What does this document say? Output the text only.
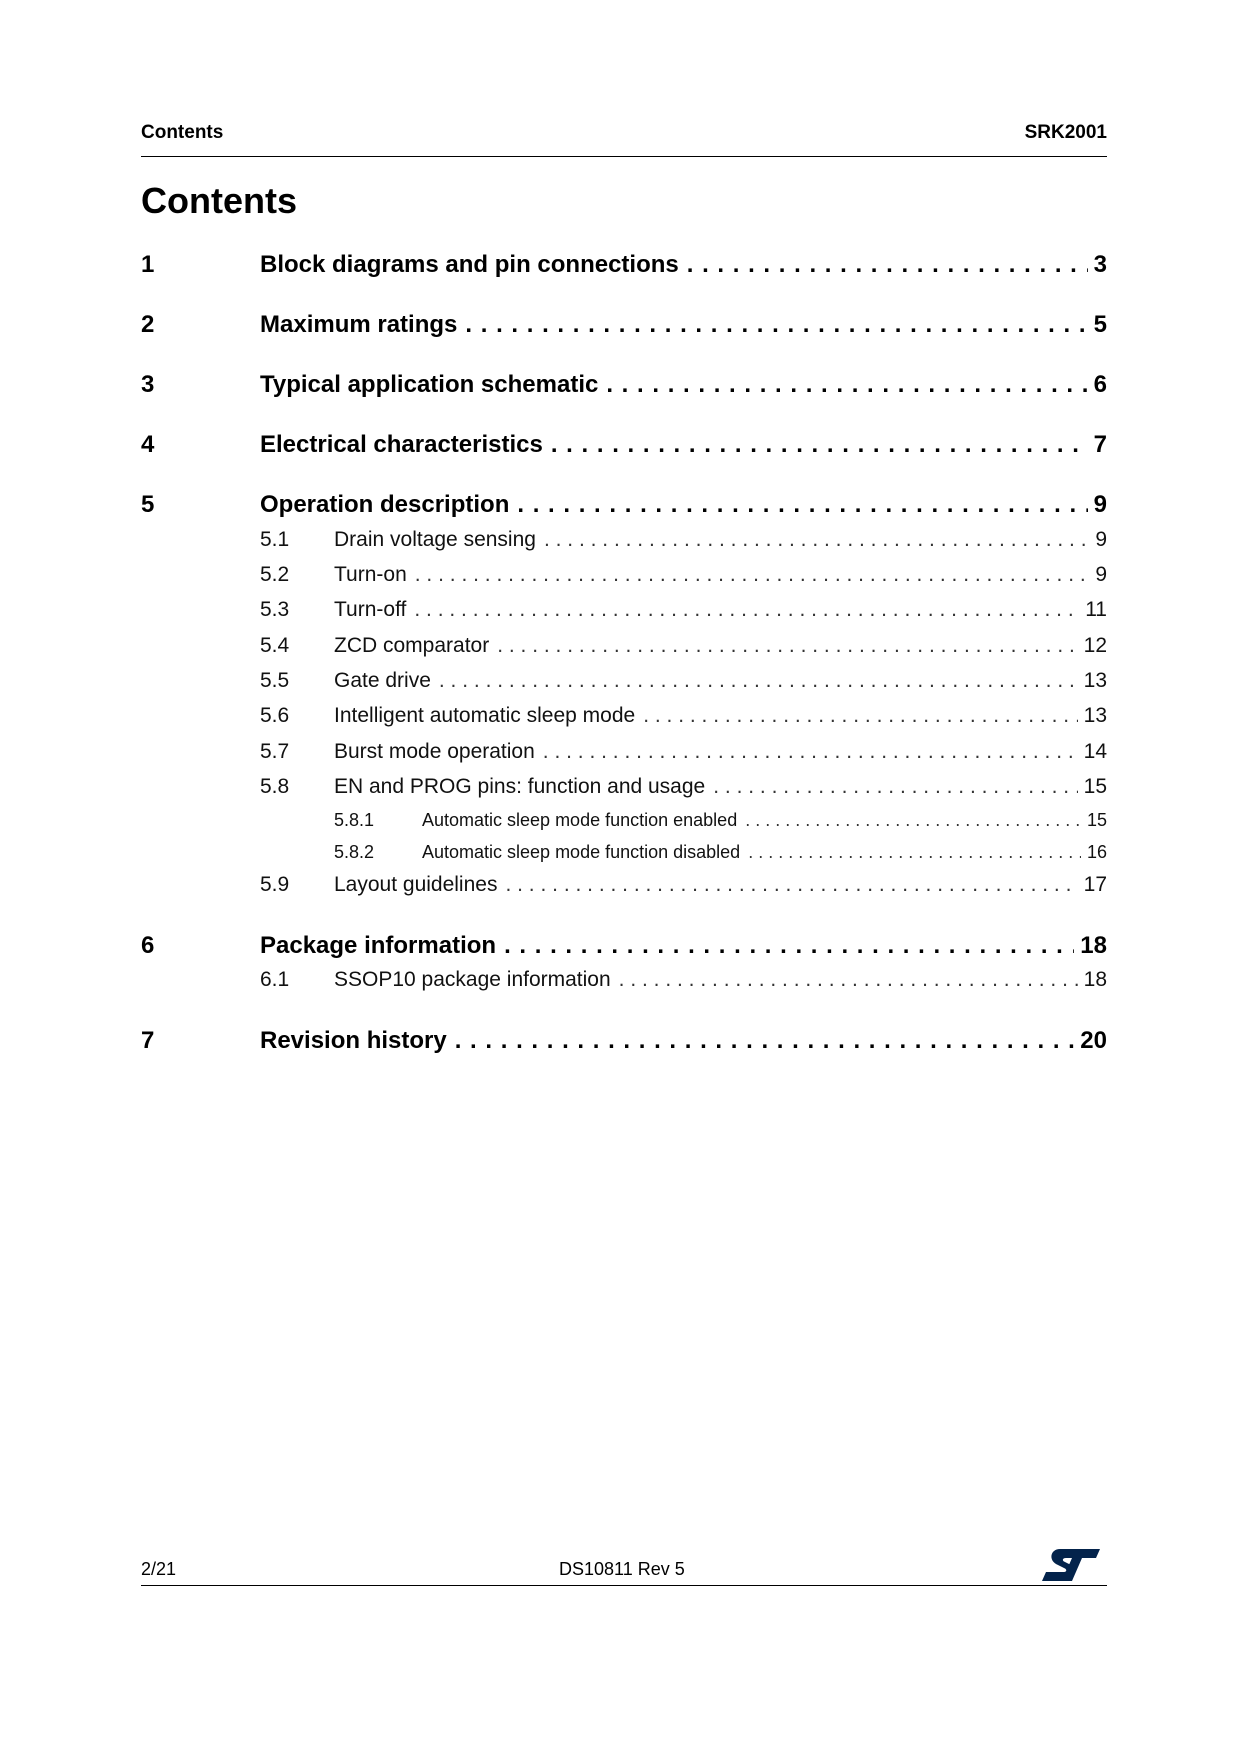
Contents	SRK2001
Contents
1	Block diagrams and pin connections . . .	3
2	Maximum ratings . . .	5
3	Typical application schematic . . .	6
4	Electrical characteristics . . .	7
5	Operation description . . .	9
5.1	Drain voltage sensing . . .	9
5.2	Turn-on . . .	9
5.3	Turn-off . . .	11
5.4	ZCD comparator . . .	12
5.5	Gate drive . . .	13
5.6	Intelligent automatic sleep mode . . .	13
5.7	Burst mode operation . . .	14
5.8	EN and PROG pins: function and usage . . .	15
5.8.1	Automatic sleep mode function enabled . . .	15
5.8.2	Automatic sleep mode function disabled . . .	16
5.9	Layout guidelines . . .	17
6	Package information . . .	18
6.1	SSOP10 package information . . .	18
7	Revision history . . .	20
2/21	DS10811 Rev 5
